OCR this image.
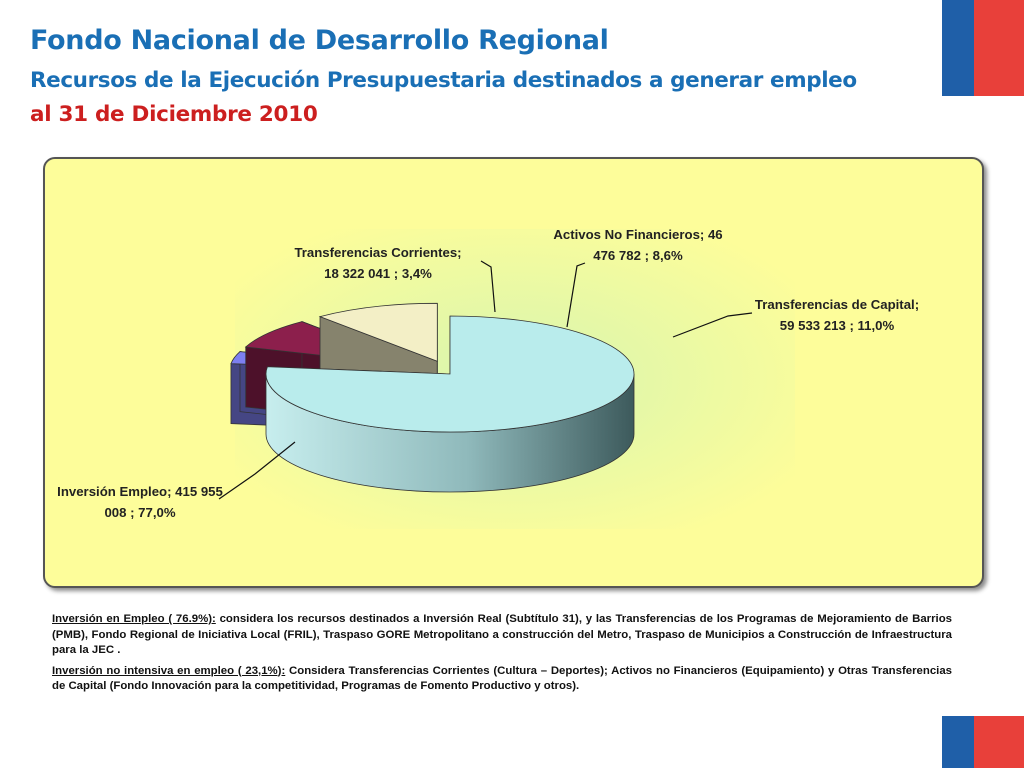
Fondo Nacional de Desarrollo Regional
Recursos de la Ejecución Presupuestaria destinados a generar empleo
al 31 de Diciembre 2010
Inversión Empleo; 415 955
008 ; 77,0%
Transferencias Corrientes;
18 322 041 ; 3,4%
Activos No Financieros; 46
476 782 ; 8,6%
Transferencias de Capital;
59 533 213 ; 11,0%

Inversión en Empleo ( 76.9%): considera los recursos destinados a Inversión Real (Subtítulo 31), y las Transferencias de los Programas de Mejoramiento de Barrios (PMB), Fondo Regional de Iniciativa Local (FRIL), Traspaso GORE Metropolitano a construcción del Metro, Traspaso de Municipios a Construcción de Infraestructura para la JEC .

Inversión no intensiva en empleo ( 23,1%): Considera Transferencias Corrientes (Cultura – Deportes); Activos no Financieros (Equipamiento) y Otras Transferencias de Capital (Fondo Innovación para la competitividad, Programas de Fomento Productivo y otros).
